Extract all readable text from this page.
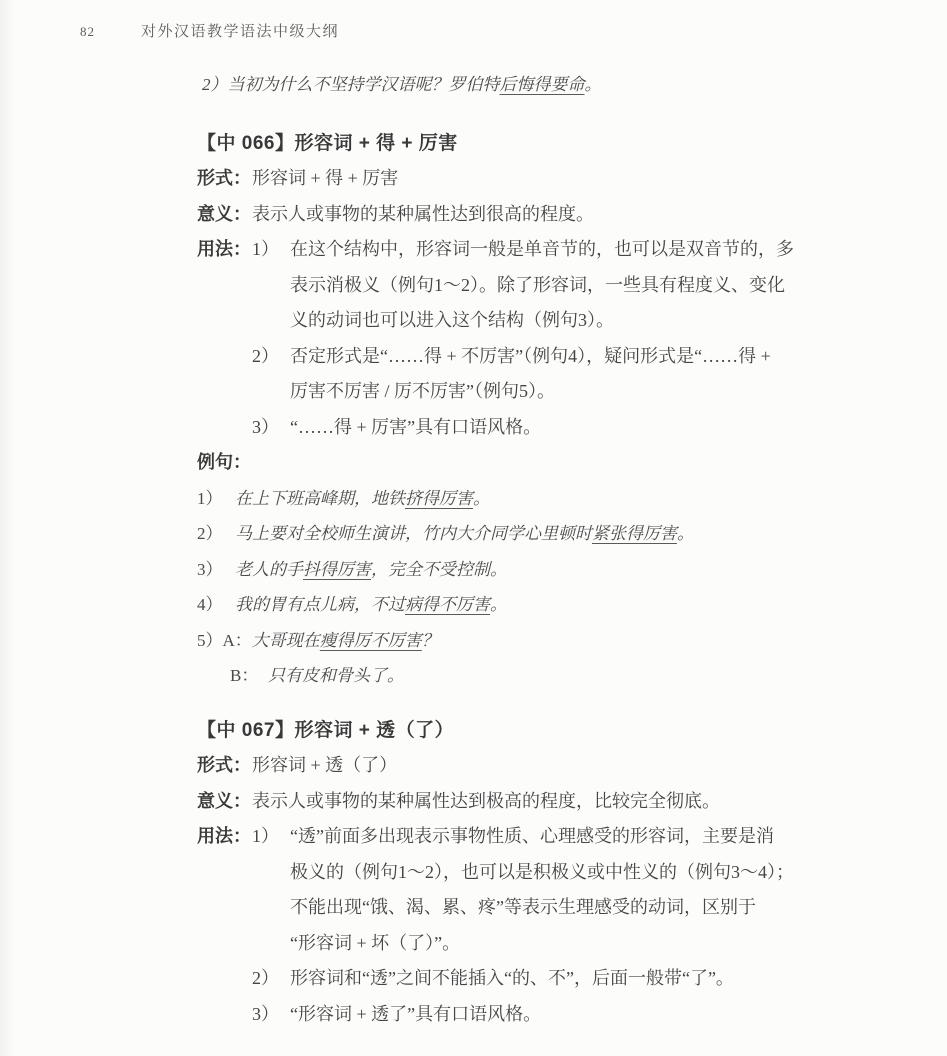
82	对外汉语教学语法中级大纲
2）当初为什么不坚持学汉语呢？罗伯特后悔得要命。
【中 066】形容词 + 得 + 厉害
形式：形容词 + 得 + 厉害
意义：表示人或事物的某种属性达到很高的程度。
用法：1） 在这个结构中，形容词一般是单音节的，也可以是双音节的，多
表示消极义（例句1～2）。除了形容词，一些具有程度义、变化
义的动词也可以进入这个结构（例句3）。
2） 否定形式是“……得 + 不厉害”（例句4），疑问形式是“……得 +
厉害不厉害 / 厉不厉害”（例句5）。
3） “……得 + 厉害”具有口语风格。
例句：
1） 在上下班高峰期，地铁挤得厉害。
2） 马上要对全校师生演讲，竹内大介同学心里顿时紧张得厉害。
3） 老人的手抖得厉害，完全不受控制。
4） 我的胃有点儿病，不过病得不厉害。
5）A：大哥现在瘦得厉不厉害？
B： 只有皮和骨头了。
【中 067】形容词 + 透（了）
形式：形容词 + 透（了）
意义：表示人或事物的某种属性达到极高的程度，比较完全彻底。
用法：1） “透”前面多出现表示事物性质、心理感受的形容词，主要是消
极义的（例句1～2），也可以是积极义或中性义的（例句3～4）；
不能出现“饿、渴、累、疼”等表示生理感受的动词，区别于
“形容词 + 坏（了）”。
2） 形容词和“透”之间不能插入“的、不”，后面一般带“了”。
3） “形容词 + 透了”具有口语风格。
